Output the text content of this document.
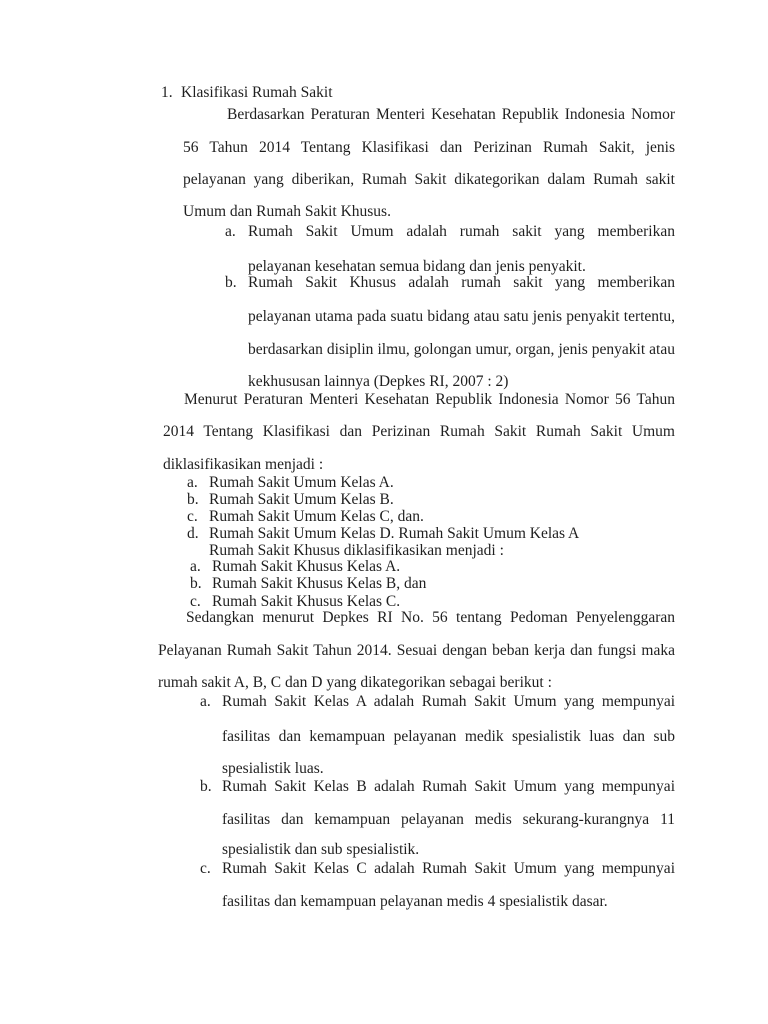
1. Klasifikasi Rumah Sakit
Berdasarkan Peraturan Menteri Kesehatan Republik Indonesia Nomor
56 Tahun 2014 Tentang Klasifikasi dan Perizinan Rumah Sakit, jenis
pelayanan yang diberikan, Rumah Sakit dikategorikan dalam Rumah sakit
Umum dan Rumah Sakit Khusus.
a. Rumah Sakit Umum adalah rumah sakit yang memberikan
pelayanan kesehatan semua bidang dan jenis penyakit.
b. Rumah Sakit Khusus adalah rumah sakit yang memberikan
pelayanan utama pada suatu bidang atau satu jenis penyakit tertentu,
berdasarkan disiplin ilmu, golongan umur, organ, jenis penyakit atau
kekhususan lainnya (Depkes RI, 2007 : 2)
Menurut Peraturan Menteri Kesehatan Republik Indonesia Nomor 56 Tahun
2014 Tentang Klasifikasi dan Perizinan Rumah Sakit Rumah Sakit Umum
diklasifikasikan menjadi :
a. Rumah Sakit Umum Kelas A.
b. Rumah Sakit Umum Kelas B.
c. Rumah Sakit Umum Kelas C, dan.
d. Rumah Sakit Umum Kelas D. Rumah Sakit Umum Kelas A
Rumah Sakit Khusus diklasifikasikan menjadi :
a. Rumah Sakit Khusus Kelas A.
b. Rumah Sakit Khusus Kelas B, dan
c. Rumah Sakit Khusus Kelas C.
Sedangkan menurut Depkes RI No. 56 tentang Pedoman Penyelenggaran
Pelayanan Rumah Sakit Tahun 2014. Sesuai dengan beban kerja dan fungsi maka
rumah sakit A, B, C dan D yang dikategorikan sebagai berikut :
a. Rumah Sakit Kelas A adalah Rumah Sakit Umum yang mempunyai
fasilitas dan kemampuan pelayanan medik spesialistik luas dan sub
spesialistik luas.
b. Rumah Sakit Kelas B adalah Rumah Sakit Umum yang mempunyai
fasilitas dan kemampuan pelayanan medis sekurang-kurangnya 11
spesialistik dan sub spesialistik.
c. Rumah Sakit Kelas C adalah Rumah Sakit Umum yang mempunyai
fasilitas dan kemampuan pelayanan medis 4 spesialistik dasar.
